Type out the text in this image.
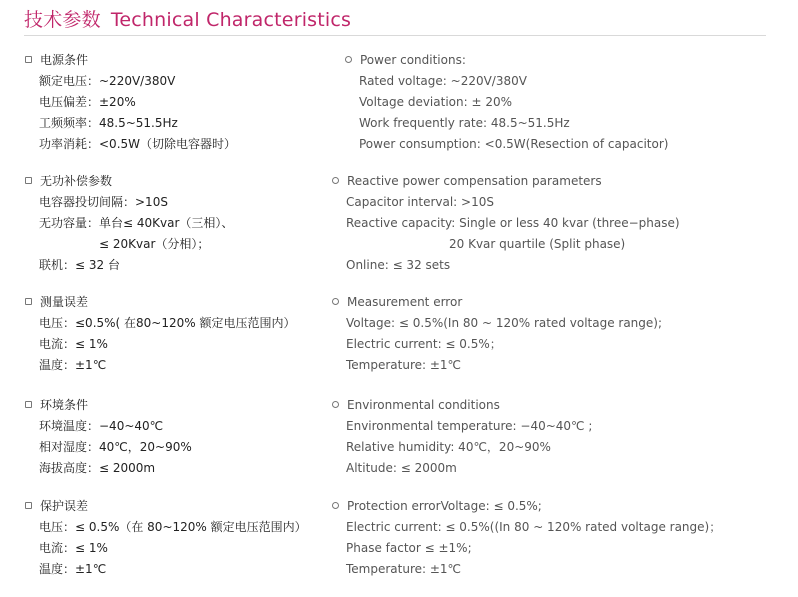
技术参数 Technical Characteristics
电源条件
额定电压：~220V/380V
电压偏差：±20%
工频频率：48.5~51.5Hz
功率消耗：<0.5W（切除电容器时）
无功补偿参数
电容器投切间隔：>10S
无功容量：单台≤ 40Kvar（三相）、
≤ 20Kvar（分相）；
联机：≤ 32 台
测量误差
电压：≤0.5%( 在80~120% 额定电压范围内）
电流：≤ 1%
温度：±1℃
环境条件
环境温度：−40~40℃
相对湿度：40℃，20~90%
海拔高度：≤ 2000m
保护误差
电压：≤ 0.5%（在 80~120% 额定电压范围内）
电流：≤ 1%
温度：±1℃
Power conditions:
Rated voltage: ~220V/380V
Voltage deviation: ± 20%
Work frequently rate: 48.5~51.5Hz
Power consumption: <0.5W(Resection of capacitor)
Reactive power compensation parameters
Capacitor interval: >10S
Reactive capacity: Single or less 40 kvar (three−phase)
20 Kvar quartile (Split phase)
Online: ≤ 32 sets
Measurement error
Voltage: ≤ 0.5%(In 80 ~ 120% rated voltage range);
Electric current: ≤ 0.5%；
Temperature: ±1℃
Environmental conditions
Environmental temperature: −40~40℃ ;
Relative humidity: 40℃，20~90%
Altitude: ≤ 2000m
Protection errorVoltage: ≤ 0.5%;
Electric current: ≤ 0.5%((In 80 ~ 120% rated voltage range)；
Phase factor ≤ ±1%;
Temperature: ±1℃
